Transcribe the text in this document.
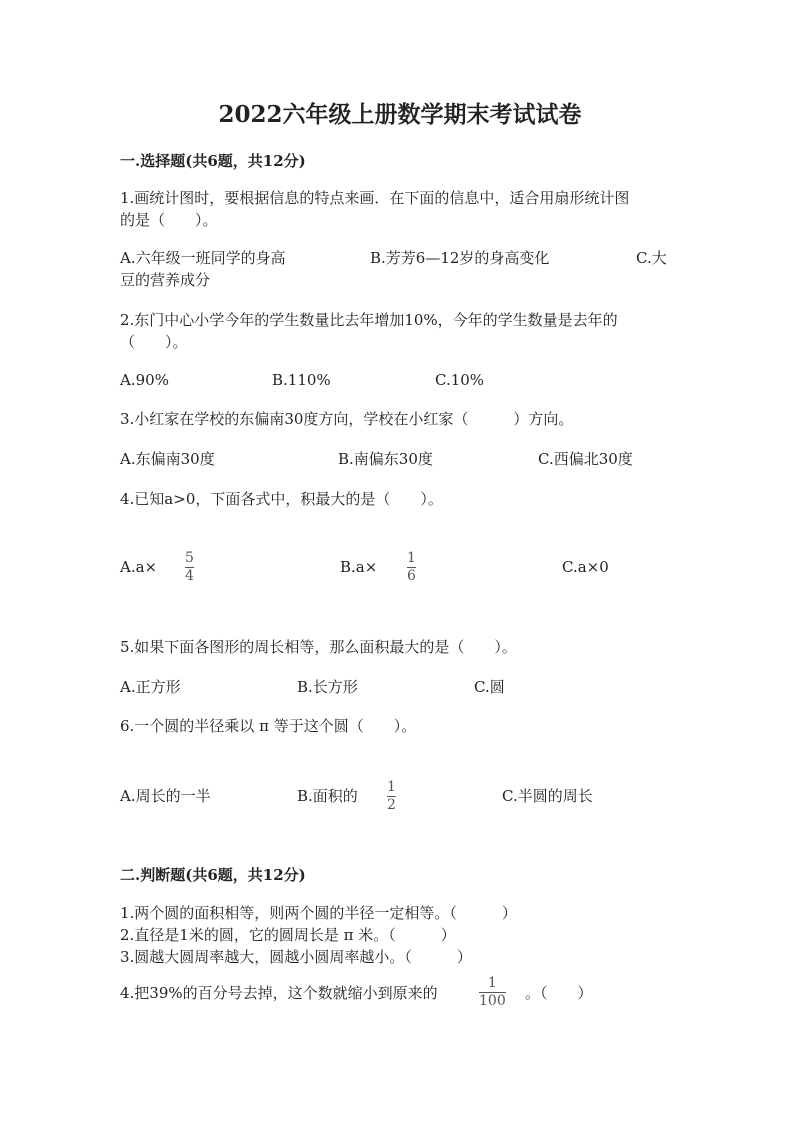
2022六年级上册数学期末考试试卷
一.选择题(共6题，共12分)
1.画统计图时，要根据信息的特点来画．在下面的信息中，适合用扇形统计图
的是（　　）。
A.六年级一班同学的身高	B.芳芳6—12岁的身高变化	C.大
豆的营养成分
2.东门中心小学今年的学生数量比去年增加10%，今年的学生数量是去年的
（　　）。
A.90%	B.110%	C.10%
3.小红家在学校的东偏南30度方向，学校在小红家（　　　）方向。
A.东偏南30度	B.南偏东30度	C.西偏北30度
4.已知a>0，下面各式中，积最大的是（　　）。
A.a× 5
4	B.a× 1
6	C.a×0
5.如果下面各图形的周长相等，那么面积最大的是（　　）。
A.正方形	B.长方形	C.圆
6.一个圆的半径乘以 π 等于这个圆（　　）。
A.周长的一半	B.面积的 1
2	C.半圆的周长
二.判断题(共6题，共12分)
1.两个圆的面积相等，则两个圆的半径一定相等。（　　　）
2.直径是1米的圆，它的圆周长是 π 米。（　　　）
3.圆越大圆周率越大，圆越小圆周率越小。（　　　）
4.把39%的百分号去掉，这个数就缩小到原来的
1
100 。（　　）
